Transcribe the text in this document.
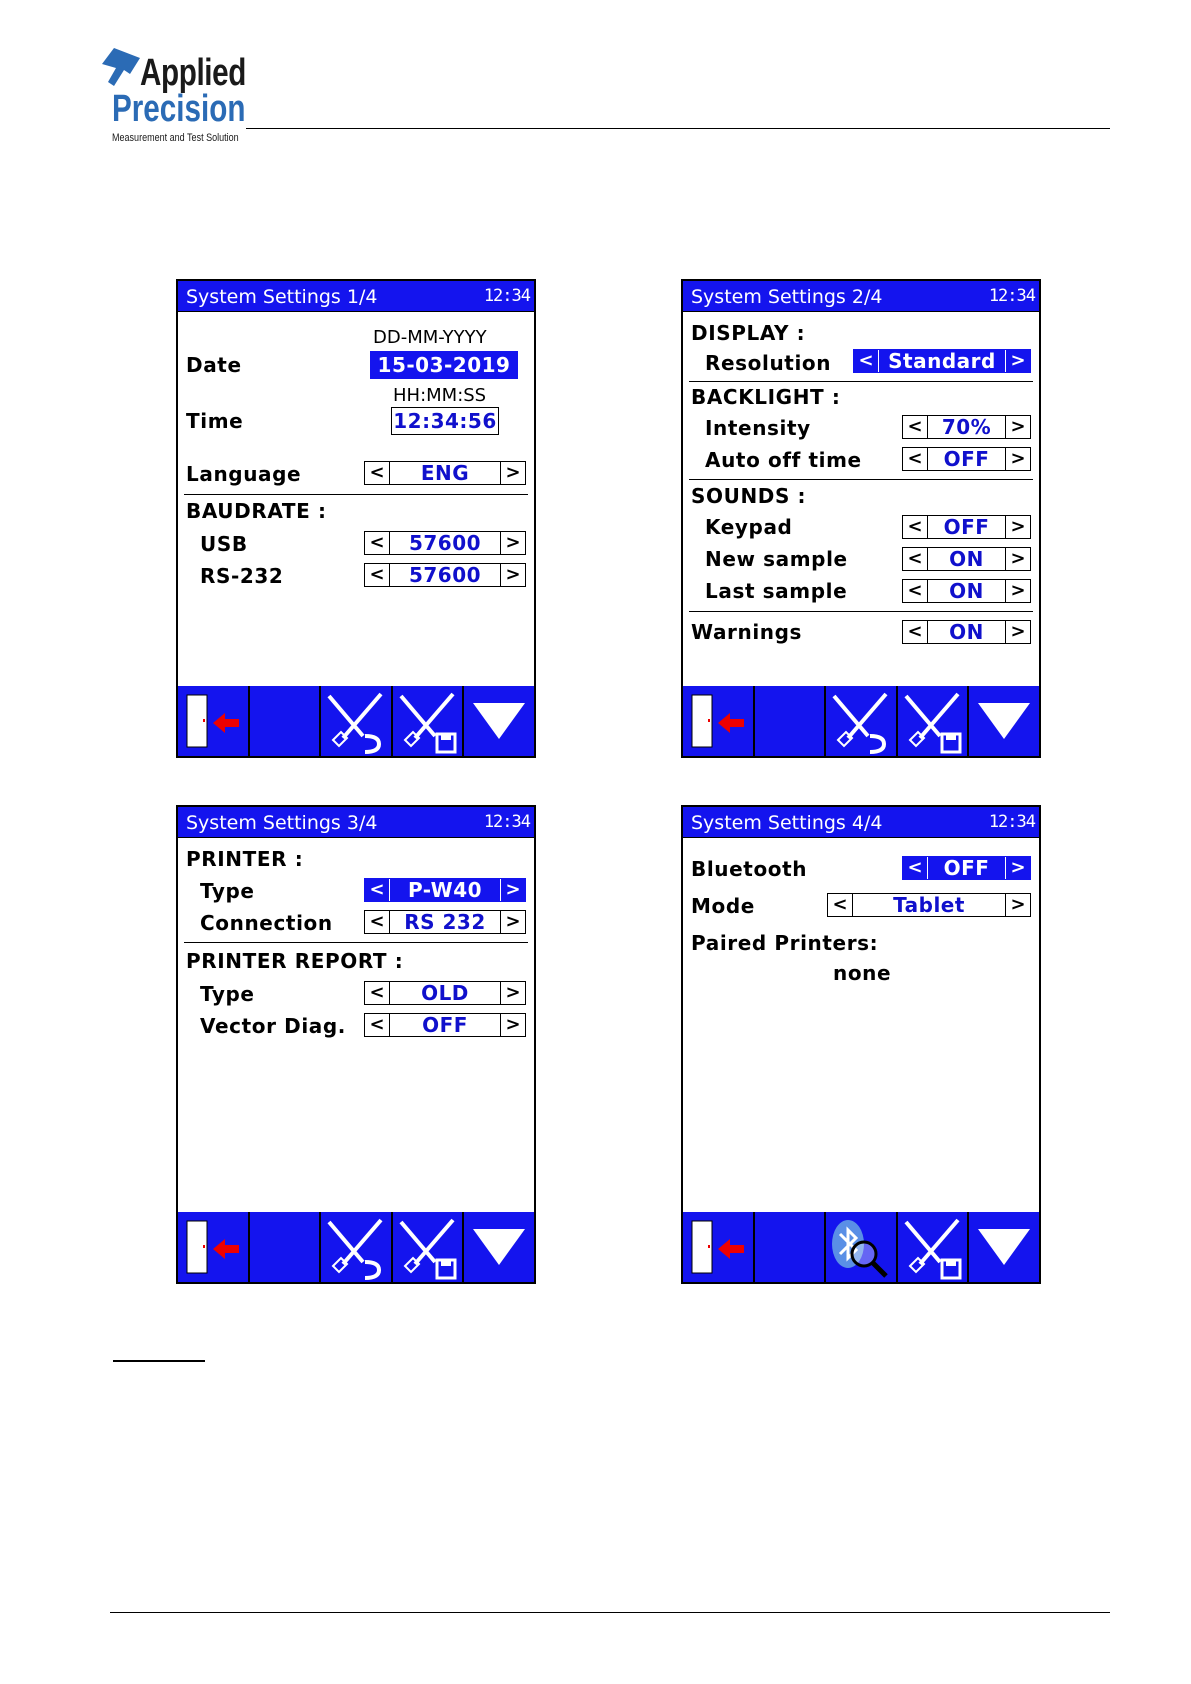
Applied
Precision
Measurement and Test Solution
System Settings 1/4	12:34
DD-MM-YYYY
Date	15-03-2019
HH:MM:SS
Time	12:34:56
Language	<	ENG	>
BAUDRATE :
USB	<	57600	>
RS-232	<	57600	>
System Settings 2/4	12:34
DISPLAY :
Resolution < Standard >
BACKLIGHT :
Intensity	< 70%	>
Auto off time	<	OFF	>
SOUNDS :
Keypad	<	OFF	>
New sample	<	ON	>
Last sample	<	ON	>
Warnings	<	ON	>
System Settings 3/4	12:34
PRINTER :
Type	<	P-W40	>
Connection < RS 232	>
PRINTER REPORT :
Type	<	OLD	>
Vector Diag. <	OFF	>
System Settings 4/4	12:34
Bluetooth	<	OFF	>
Mode	<	Tablet	>
Paired Printers:
none
